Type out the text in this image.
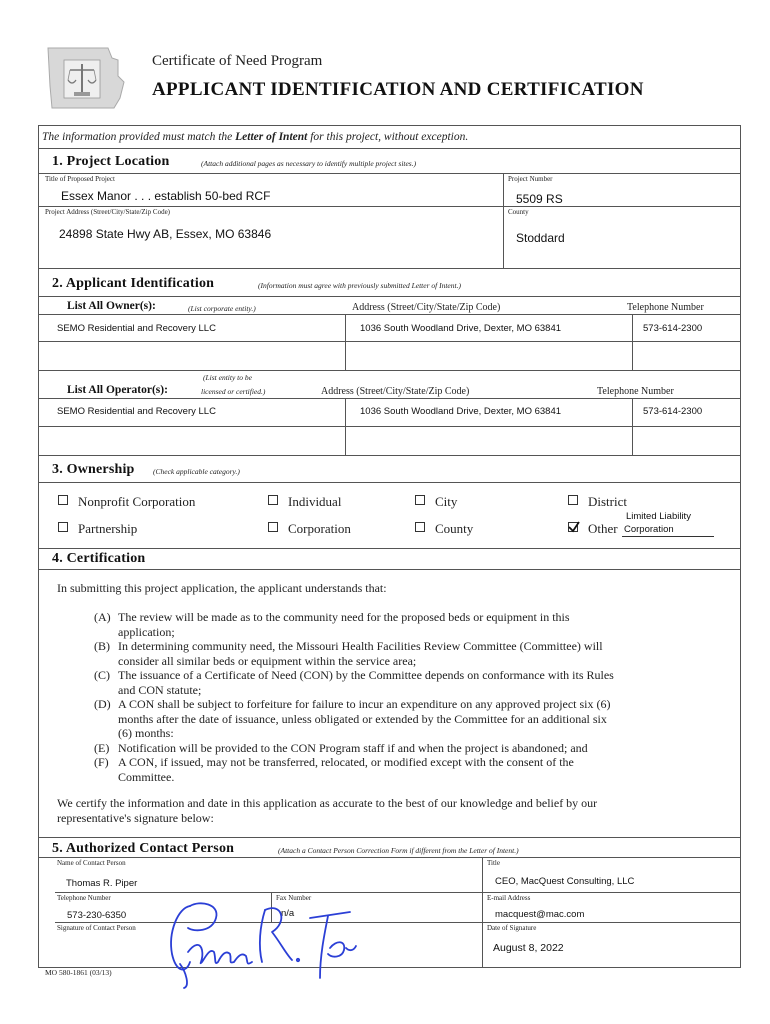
Certificate of Need Program
APPLICANT IDENTIFICATION AND CERTIFICATION
The information provided must match the Letter of Intent for this project, without exception.
1. Project Location	(Attach additional pages as necessary to identify multiple project sites.)
Title of Proposed Project
Essex Manor . . . establish 50-bed RCF
Project Number
5509 RS
Project Address (Street/City/State/Zip Code)
24898 State Hwy AB, Essex, MO 63846
County
Stoddard
2. Applicant Identification	(Information must agree with previously submitted Letter of Intent.)
List All Owner(s):	(List corporate entity.)	Address (Street/City/State/Zip Code)	Telephone Number
SEMO Residential and Recovery LLC	1036 South Woodland Drive, Dexter, MO 63841	573-614-2300
(List entity to be
List All Operator(s):	licensed or certified.)	Address (Street/City/State/Zip Code)	Telephone Number
SEMO Residential and Recovery LLC	1036 South Woodland Drive, Dexter, MO 63841	573-614-2300
3. Ownership (Check applicable category.)
Nonprofit Corporation	Individual	City	District
Partnership	Corporation	County	Other
Limited Liability
Corporation
4. Certification
In submitting this project application, the applicant understands that:
(A) The review will be made as to the community need for the proposed beds or equipment in this
application;
(B) In determining community need, the Missouri Health Facilities Review Committee (Committee) will
consider all similar beds or equipment within the service area;
(C) The issuance of a Certificate of Need (CON) by the Committee depends on conformance with its Rules
and CON statute;
(D) A CON shall be subject to forfeiture for failure to incur an expenditure on any approved project six (6)
months after the date of issuance, unless obligated or extended by the Committee for an additional six
(6) months:
(E) Notification will be provided to the CON Program staff if and when the project is abandoned; and
(F) A CON, if issued, may not be transferred, relocated, or modified except with the consent of the
Committee.
We certify the information and date in this application as accurate to the best of our knowledge and belief by our
representative's signature below:
5. Authorized Contact Person	(Attach a Contact Person Correction Form if different from the Letter of Intent.)
Name of Contact Person
Thomas R. Piper
Title
CEO, MacQuest Consulting, LLC
Telephone Number
573-230-6350
Fax Number
n/a
E-mail Address
macquest@mac.com
Signature of Contact Person	Date of Signature
August 8, 2022
MO 580-1861 (03/13)
